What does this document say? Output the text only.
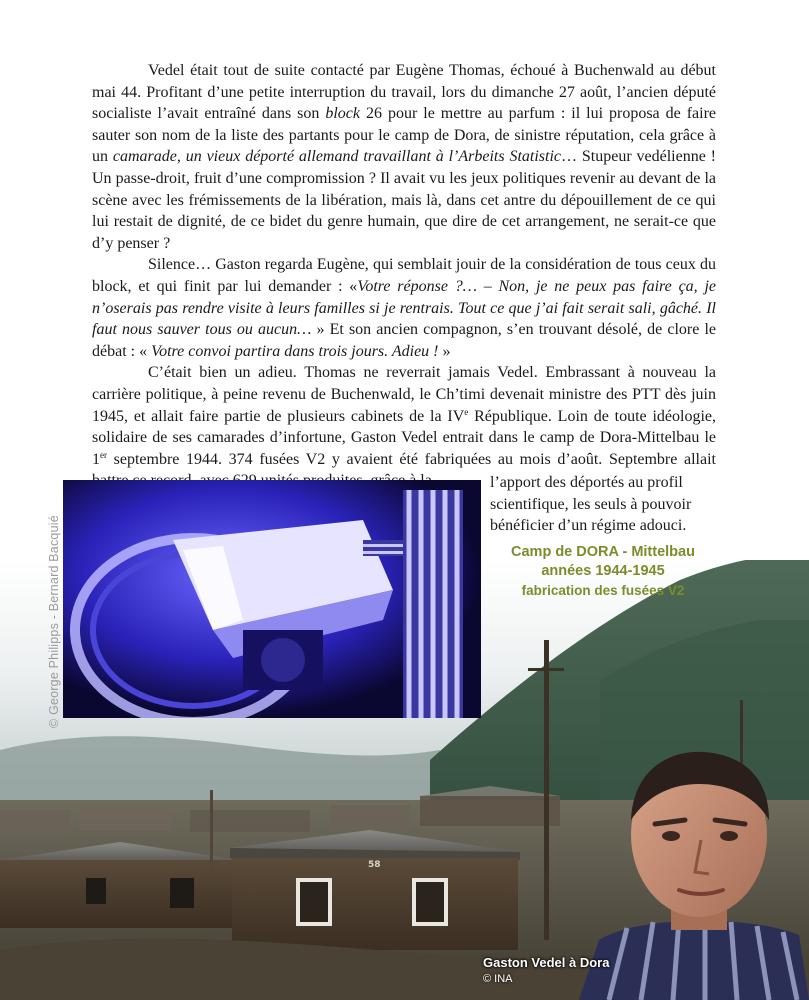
58

Vedel était tout de suite contacté par Eugène Thomas, échoué à Buchenwald au début mai 44. Profitant d’une petite interruption du travail, lors du dimanche 27 août, l’ancien député socialiste l’avait entraîné dans son block 26 pour le mettre au parfum : il lui proposa de faire sauter son nom de la liste des partants pour le camp de Dora, de sinistre réputation, cela grâce à un camarade, un vieux déporté allemand travaillant à l’Arbeits Statistic… Stupeur vedélienne ! Un passe-droit, fruit d’une compromission ? Il avait vu les jeux politiques revenir au devant de la scène avec les frémissements de la libération, mais là, dans cet antre du dépouillement de ce qui lui restait de dignité, de ce bidet du genre humain, que dire de cet arrangement, ne serait-ce que d’y penser ?

Silence… Gaston regarda Eugène, qui semblait jouir de la considération de tous ceux du block, et qui finit par lui demander : «Votre réponse ?… – Non, je ne peux pas faire ça, je n’oserais pas rendre visite à leurs familles si je rentrais. Tout ce que j’ai fait serait sali, gâché. Il faut nous sauver tous ou aucun… » Et son ancien compagnon, s’en trouvant désolé, de clore le débat : « Votre convoi partira dans trois jours. Adieu ! »

C’était bien un adieu. Thomas ne reverrait jamais Vedel. Embrassant à nouveau la carrière politique, à peine revenu de Buchenwald, le Ch’timi devenait ministre des PTT dès juin 1945, et allait faire partie de plusieurs cabinets de la IVe République. Loin de toute idéologie, solidaire de ses camarades d’infortune, Gaston Vedel entrait dans le camp de Dora-Mittelbau le 1er septembre 1944. 374 fusées V2 y avaient été fabriquées au mois d’août. Septembre allait

l’apport des déportés au profil
scientifique, les seuls à pouvoir
bénéficier d’un régime adouci.
© George Philipps - Bernard Bacquié	Camp de DORA - Mittelbau
années 1944-1945
fabrication des fusées V2
Gaston Vedel à Dora
© INA
